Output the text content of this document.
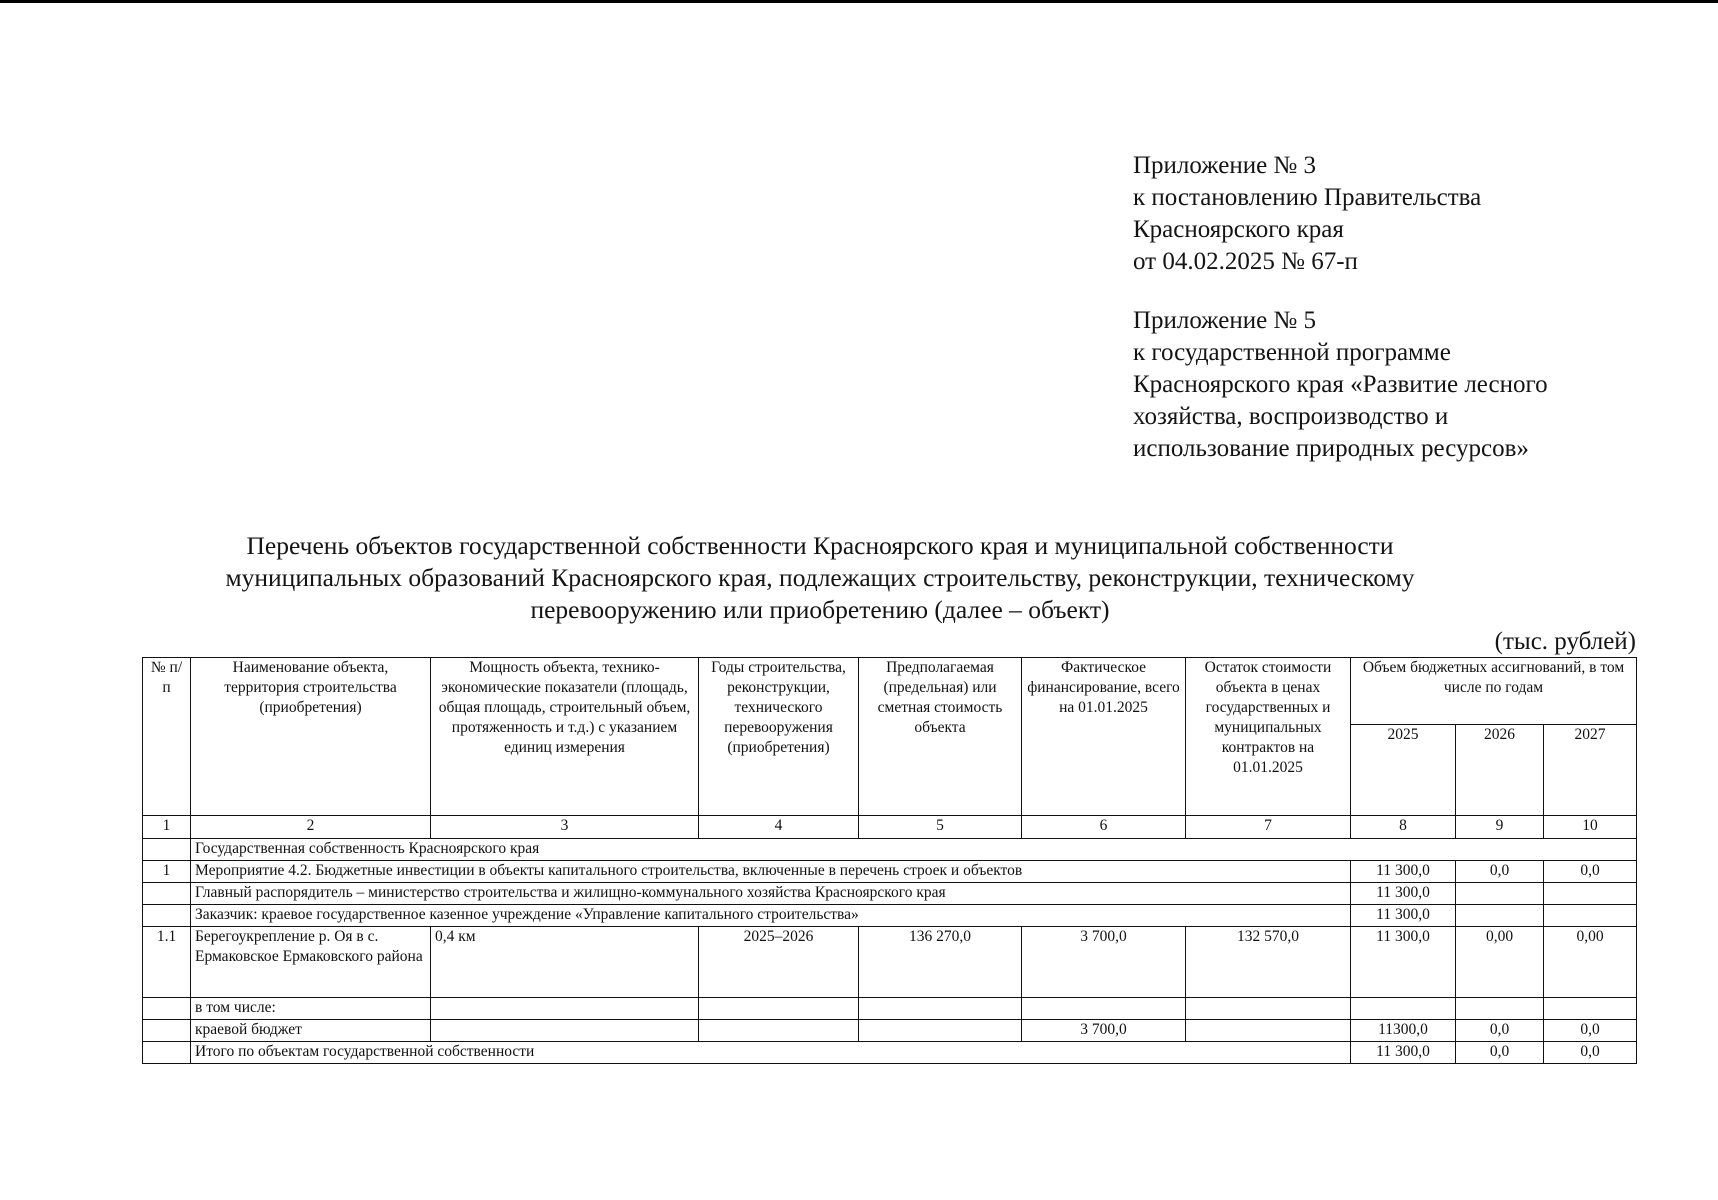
Приложение № 3
к постановлению Правительства
Красноярского края
от 04.02.2025 № 67-п
Приложение № 5
к государственной программе
Красноярского края «Развитие лесного
хозяйства, воспроизводство и
использование природных ресурсов»
Перечень объектов государственной собственности Красноярского края и муниципальной собственности
муниципальных образований Красноярского края, подлежащих строительству, реконструкции, техническому
перевооружению или приобретению (далее – объект)
(тыс. рублей)
№ п/п	Наименование объекта, территория строительства (приобретения)	Мощность объекта, технико-экономические показатели (площадь, общая площадь, строительный объем, протяженность и т.д.) с указанием единиц измерения	Годы строительства, реконструкции, технического перевооружения (приобретения)	Предполагаемая (предельная) или сметная стоимость объекта	Фактическое финансирование, всего на 01.01.2025	Остаток стоимости объекта в ценах государственных и муниципальных контрактов на 01.01.2025	Объем бюджетных ассигнований, в том числе по годам		
							2025	2026	2027
1	2	3	4	5	6	7	8	9	10
	Государственная собственность Красноярского края								
1	Мероприятие 4.2. Бюджетные инвестиции в объекты капитального строительства, включенные в перечень строек и объектов						11 300,0	0,0	0,0
	Главный распорядитель – министерство строительства и жилищно-коммунального хозяйства Красноярского края						11 300,0		
	Заказчик: краевое государственное казенное учреждение «Управление капитального строительства»						11 300,0		
1.1	Берегоукрепление р. Оя в с. Ермаковское Ермаковского района	0,4 км	2025–2026	136 270,0	3 700,0	132 570,0	11 300,0	0,00	0,00
	в том числе:								
	краевой бюджет				3 700,0		11300,0	0,0	0,0
	Итого по объектам государственной собственности						11 300,0	0,0	0,0
